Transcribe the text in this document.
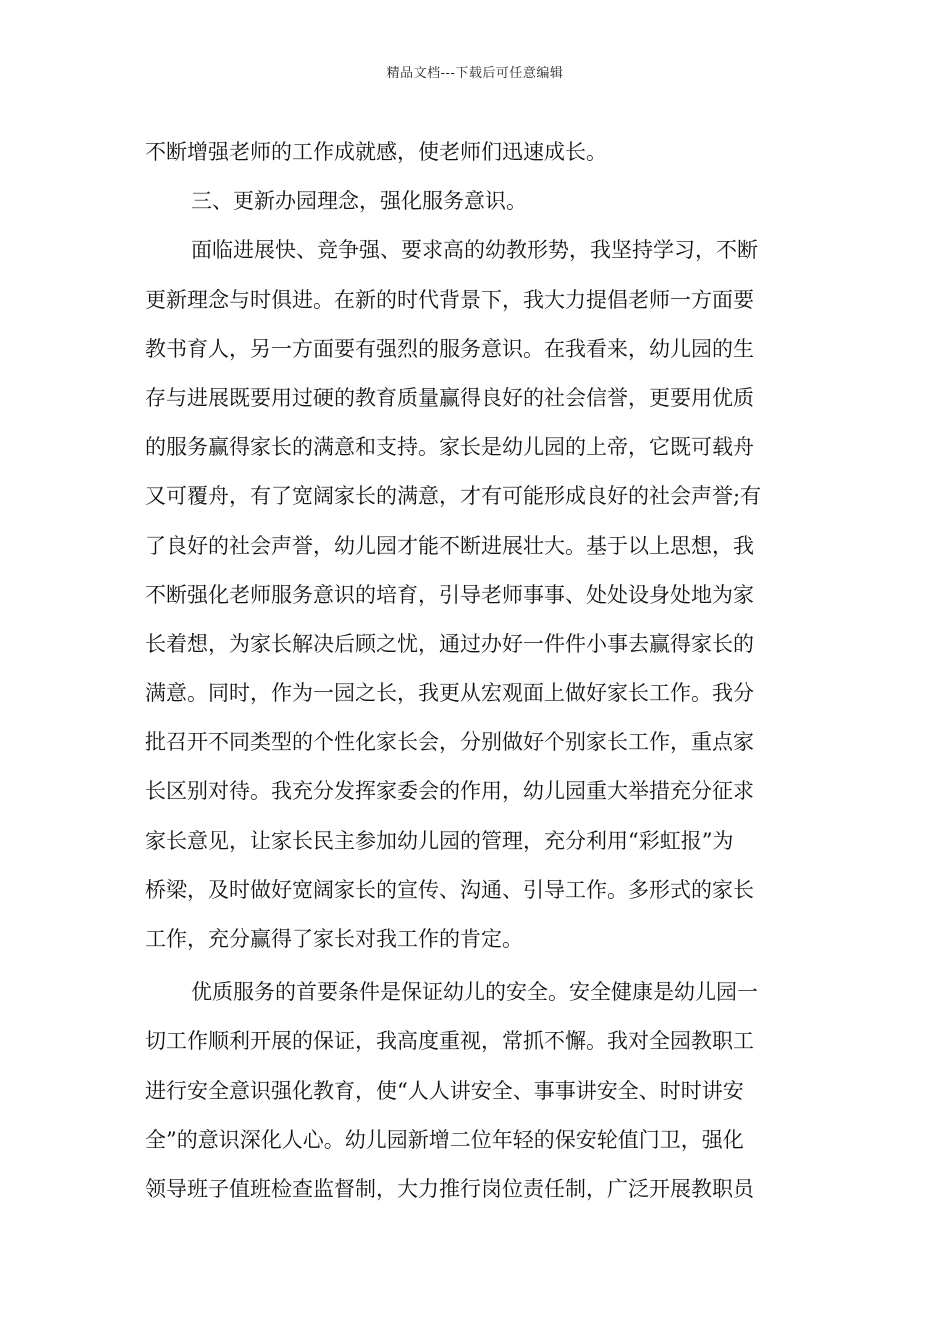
精品文档---下载后可任意编辑
不断增强老师的工作成就感，使老师们迅速成长。
三、更新办园理念，强化服务意识。
面临进展快、竞争强、要求高的幼教形势，我坚持学习，不断
更新理念与时俱进。在新的时代背景下，我大力提倡老师一方面要
教书育人，另一方面要有强烈的服务意识。在我看来，幼儿园的生
存与进展既要用过硬的教育质量赢得良好的社会信誉，更要用优质
的服务赢得家长的满意和支持。家长是幼儿园的上帝，它既可载舟
又可覆舟，有了宽阔家长的满意，才有可能形成良好的社会声誉;有
了良好的社会声誉，幼儿园才能不断进展壮大。基于以上思想，我
不断强化老师服务意识的培育，引导老师事事、处处设身处地为家
长着想，为家长解决后顾之忧，通过办好一件件小事去赢得家长的
满意。同时，作为一园之长，我更从宏观面上做好家长工作。我分
批召开不同类型的个性化家长会，分别做好个别家长工作，重点家
长区别对待。我充分发挥家委会的作用，幼儿园重大举措充分征求
家长意见，让家长民主参加幼儿园的管理，充分利用“彩虹报”为
桥梁，及时做好宽阔家长的宣传、沟通、引导工作。多形式的家长
工作，充分赢得了家长对我工作的肯定。
优质服务的首要条件是保证幼儿的安全。安全健康是幼儿园一
切工作顺利开展的保证，我高度重视，常抓不懈。我对全园教职工
进行安全意识强化教育，使“人人讲安全、事事讲安全、时时讲安
全”的意识深化人心。幼儿园新增二位年轻的保安轮值门卫，强化
领导班子值班检查监督制，大力推行岗位责任制，广泛开展教职员
